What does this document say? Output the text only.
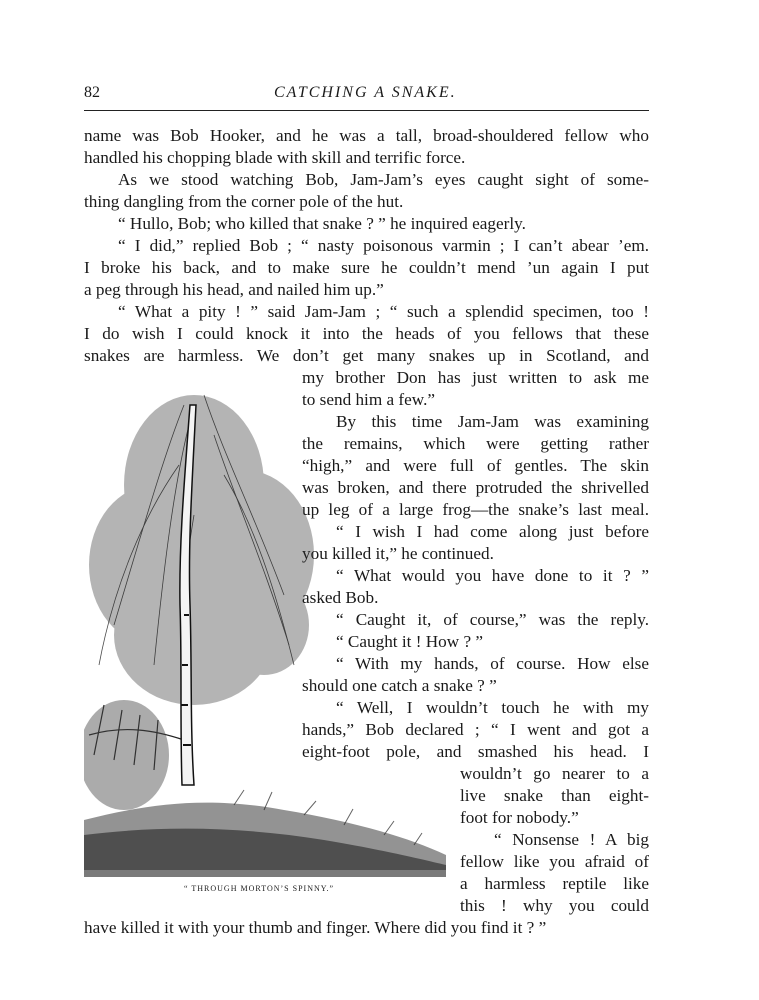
82	CATCHING A SNAKE.
name was Bob Hooker, and he was a tall, broad-shouldered fellow who
handled his chopping blade with skill and terrific force.
As we stood watching Bob, Jam-Jam’s eyes caught sight of some-
thing dangling from the corner pole of the hut.
“ Hullo, Bob; who killed that snake ? ” he inquired eagerly.
“ I did,” replied Bob ; “ nasty poisonous varmin ; I can’t abear ’em.
I broke his back, and to make sure he couldn’t mend ’un again I put
a peg through his head, and nailed him up.”
“ What a pity ! ” said Jam-Jam ; “ such a splendid specimen, too !
I do wish I could knock it into the heads of you fellows that these
snakes are harmless. We don’t get many snakes up in Scotland, and
my brother Don has just written to ask me
to send him a few.”
By this time Jam-Jam was examining
the remains, which were getting rather
“high,” and were full of gentles. The skin
was broken, and there protruded the shrivelled
up leg of a large frog—the snake’s last meal.
“ I wish I had come along just before
you killed it,” he continued.
“ What would you have done to it ? ”
asked Bob.
“ Caught it, of course,” was the reply.
“ Caught it ! How ? ”
“ With my hands, of course. How else
should one catch a snake ? ”
“ Well, I wouldn’t touch he with my
hands,” Bob declared ; “ I went and got a
eight-foot pole, and smashed his head. I
wouldn’t go nearer to a
live snake than eight-
foot for nobody.”
“ Nonsense ! A big
fellow like you afraid of
a harmless reptile like
this ! why you could
have killed it with your thumb and finger. Where did you find it ? ”
“ THROUGH MORTON’S SPINNY.”
